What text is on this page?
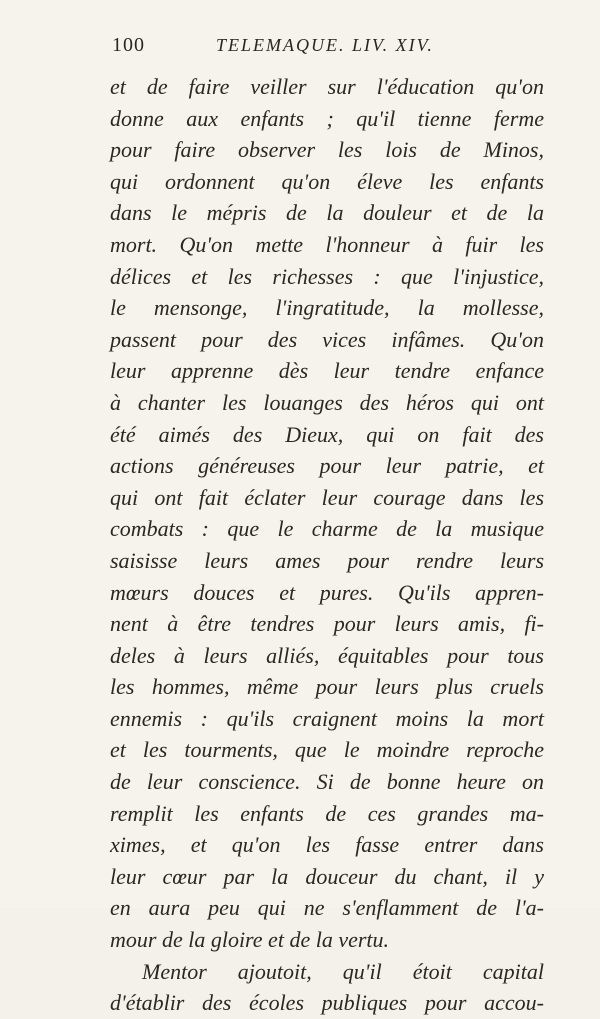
100	TELEMAQUE. LIV. XIV.
et de faire veiller sur l'éducation qu'on
donne aux enfants ; qu'il tienne ferme
pour faire observer les lois de Minos,
qui ordonnent qu'on éleve les enfants
dans le mépris de la douleur et de la
mort. Qu'on mette l'honneur à fuir les
délices et les richesses : que l'injustice,
le mensonge, l'ingratitude, la mollesse,
passent pour des vices infâmes. Qu'on
leur apprenne dès leur tendre enfance
à chanter les louanges des héros qui ont
été aimés des Dieux, qui on fait des
actions généreuses pour leur patrie, et
qui ont fait éclater leur courage dans les
combats : que le charme de la musique
saisisse leurs ames pour rendre leurs
mœurs douces et pures. Qu'ils appren-
nent à être tendres pour leurs amis, fi-
deles à leurs alliés, équitables pour tous
les hommes, même pour leurs plus cruels
ennemis : qu'ils craignent moins la mort
et les tourments, que le moindre reproche
de leur conscience. Si de bonne heure on
remplit les enfants de ces grandes ma-
ximes, et qu'on les fasse entrer dans
leur cœur par la douceur du chant, il y
en aura peu qui ne s'enflamment de l'a-
mour de la gloire et de la vertu.
Mentor ajoutoit, qu'il étoit capital
d'établir des écoles publiques pour accou-
